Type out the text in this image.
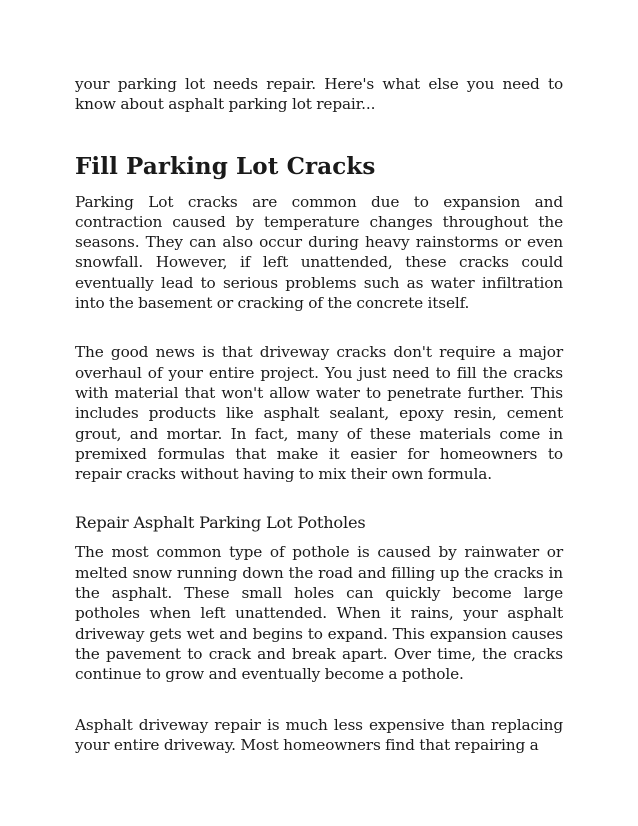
your parking lot needs repair. Here's what else you need to know about asphalt parking lot repair...

Fill Parking Lot Cracks

Parking Lot cracks are common due to expansion and contraction caused by temperature changes throughout the seasons. They can also occur during heavy rainstorms or even snowfall. However, if left unattended, these cracks could eventually lead to serious problems such as water infiltration into the basement or cracking of the concrete itself.

The good news is that driveway cracks don't require a major overhaul of your entire project. You just need to fill the cracks with material that won't allow water to penetrate further. This includes products like asphalt sealant, epoxy resin, cement grout, and mortar. In fact, many of these materials come in premixed formulas that make it easier for homeowners to repair cracks without having to mix their own formula.

Repair Asphalt Parking Lot Potholes

The most common type of pothole is caused by rainwater or melted snow running down the road and filling up the cracks in the asphalt. These small holes can quickly become large potholes when left unattended. When it rains, your asphalt driveway gets wet and begins to expand. This expansion causes the pavement to crack and break apart. Over time, the cracks continue to grow and eventually become a pothole.

Asphalt driveway repair is much less expensive than replacing your entire driveway. Most homeowners find that repairing a
